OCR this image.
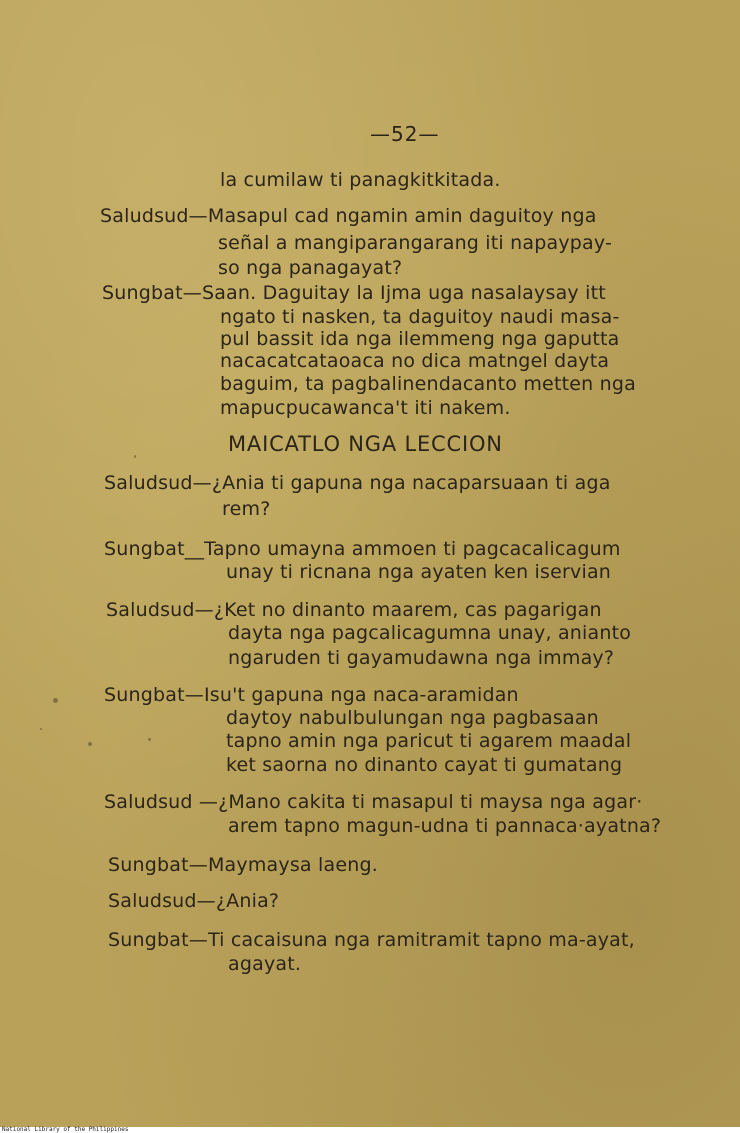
—52—
la cumilaw ti panagkitkitada.
Saludsud—Masapul cad ngamin amin daguitoy nga
señal a mangiparangarang iti napaypay-
so nga panagayat?
Sungbat—Saan. Daguitay la Ijma uga nasalaysay itt
ngato ti nasken, ta daguitoy naudi masa-
pul bassit ida nga ilemmeng nga gaputta
nacacatcataoaca no dica matngel dayta
baguim, ta pagbalinendacanto metten nga
mapucpucawanca't iti nakem.
MAICATLO NGA LECCION
Saludsud—¿Ania ti gapuna nga nacaparsuaan ti aga
rem?
Sungbat__Tapno umayna ammoen ti pagcacalicagum
unay ti ricnana nga ayaten ken iservian
Saludsud—¿Ket no dinanto maarem, cas pagarigan
dayta nga pagcalicagumna unay, anianto
ngaruden ti gayamudawna nga immay?
Sungbat—Isu't gapuna nga naca-aramidan
daytoy nabulbulungan nga pagbasaan
tapno amin nga paricut ti agarem maadal
ket saorna no dinanto cayat ti gumatang
Saludsud —¿Mano cakita ti masapul ti maysa nga agar·
arem tapno magun-udna ti pannaca·ayatna?
Sungbat—Maymaysa laeng.
Saludsud—¿Ania?
Sungbat—Ti cacaisuna nga ramitramit tapno ma-ayat,
agayat.
National Library of the Philippines
